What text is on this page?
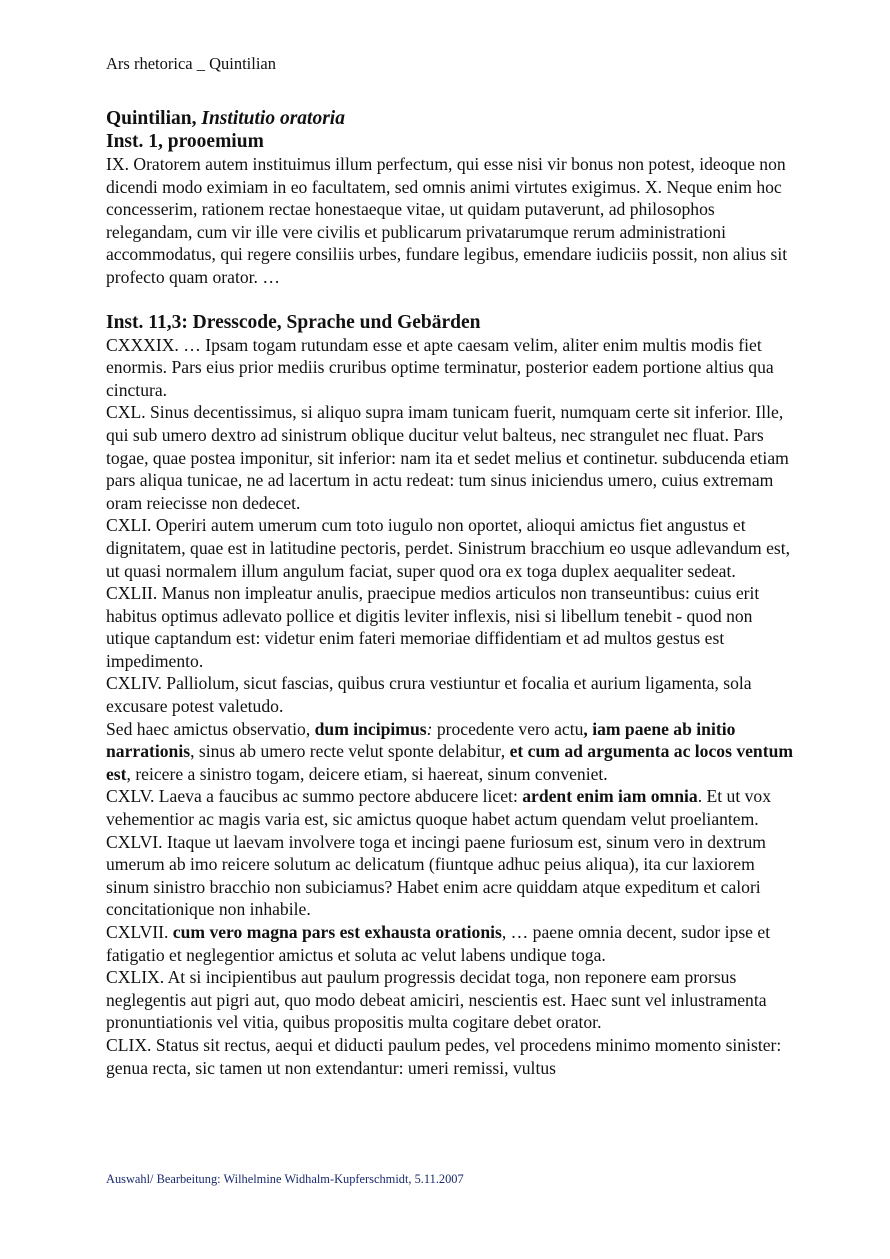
Ars rhetorica _ Quintilian
Quintilian, Institutio oratoria
Inst. 1, prooemium

IX. Oratorem autem instituimus illum perfectum, qui esse nisi vir bonus non potest, ideoque non dicendi modo eximiam in eo facultatem, sed omnis animi virtutes exigimus. X. Neque enim hoc concesserim, rationem rectae honestaeque vitae, ut quidam putaverunt, ad philosophos relegandam, cum vir ille vere civilis et publicarum privatarumque rerum administrationi accommodatus, qui regere consiliis urbes, fundare legibus, emendare iudiciis possit, non alius sit profecto quam orator. …

Inst. 11,3: Dresscode, Sprache und Gebärden

CXXXIX. … Ipsam togam rutundam esse et apte caesam velim, aliter enim multis modis fiet enormis. Pars eius prior mediis cruribus optime terminatur, posterior eadem portione altius qua cinctura.

CXL. Sinus decentissimus, si aliquo supra imam tunicam fuerit, numquam certe sit inferior. Ille, qui sub umero dextro ad sinistrum oblique ducitur velut balteus, nec strangulet nec fluat. Pars togae, quae postea imponitur, sit inferior: nam ita et sedet melius et continetur. subducenda etiam pars aliqua tunicae, ne ad lacertum in actu redeat: tum sinus iniciendus umero, cuius extremam oram reiecisse non dedecet.

CXLI. Operiri autem umerum cum toto iugulo non oportet, alioqui amictus fiet angustus et dignitatem, quae est in latitudine pectoris, perdet. Sinistrum bracchium eo usque adlevandum est, ut quasi normalem illum angulum faciat, super quod ora ex toga duplex aequaliter sedeat.

CXLII. Manus non impleatur anulis, praecipue medios articulos non transeuntibus: cuius erit habitus optimus adlevato pollice et digitis leviter inflexis, nisi si libellum tenebit - quod non utique captandum est: videtur enim fateri memoriae diffidentiam et ad multos gestus est impedimento.

CXLIV. Palliolum, sicut fascias, quibus crura vestiuntur et focalia et aurium ligamenta, sola excusare potest valetudo.

Sed haec amictus observatio, dum incipimus: procedente vero actu, iam paene ab initio narrationis, sinus ab umero recte velut sponte delabitur, et cum ad argumenta ac locos ventum est, reicere a sinistro togam, deicere etiam, si haereat, sinum conveniet.

CXLV. Laeva a faucibus ac summo pectore abducere licet: ardent enim iam omnia. Et ut vox vehementior ac magis varia est, sic amictus quoque habet actum quendam velut proeliantem.

CXLVI. Itaque ut laevam involvere toga et incingi paene furiosum est, sinum vero in dextrum umerum ab imo reicere solutum ac delicatum (fiuntque adhuc peius aliqua), ita cur laxiorem sinum sinistro bracchio non subiciamus? Habet enim acre quiddam atque expeditum et calori concitationique non inhabile.

CXLVII. cum vero magna pars est exhausta orationis, … paene omnia decent, sudor ipse et fatigatio et neglegentior amictus et soluta ac velut labens undique toga.

CXLIX. At si incipientibus aut paulum progressis decidat toga, non reponere eam prorsus neglegentis aut pigri aut, quo modo debeat amiciri, nescientis est. Haec sunt vel inlustramenta pronuntiationis vel vitia, quibus propositis multa cogitare debet orator.

CLIX. Status sit rectus, aequi et diducti paulum pedes, vel procedens minimo momento sinister: genua recta, sic tamen ut non extendantur: umeri remissi, vultus

Auswahl/ Bearbeitung: Wilhelmine Widhalm-Kupferschmidt, 5.11.2007
